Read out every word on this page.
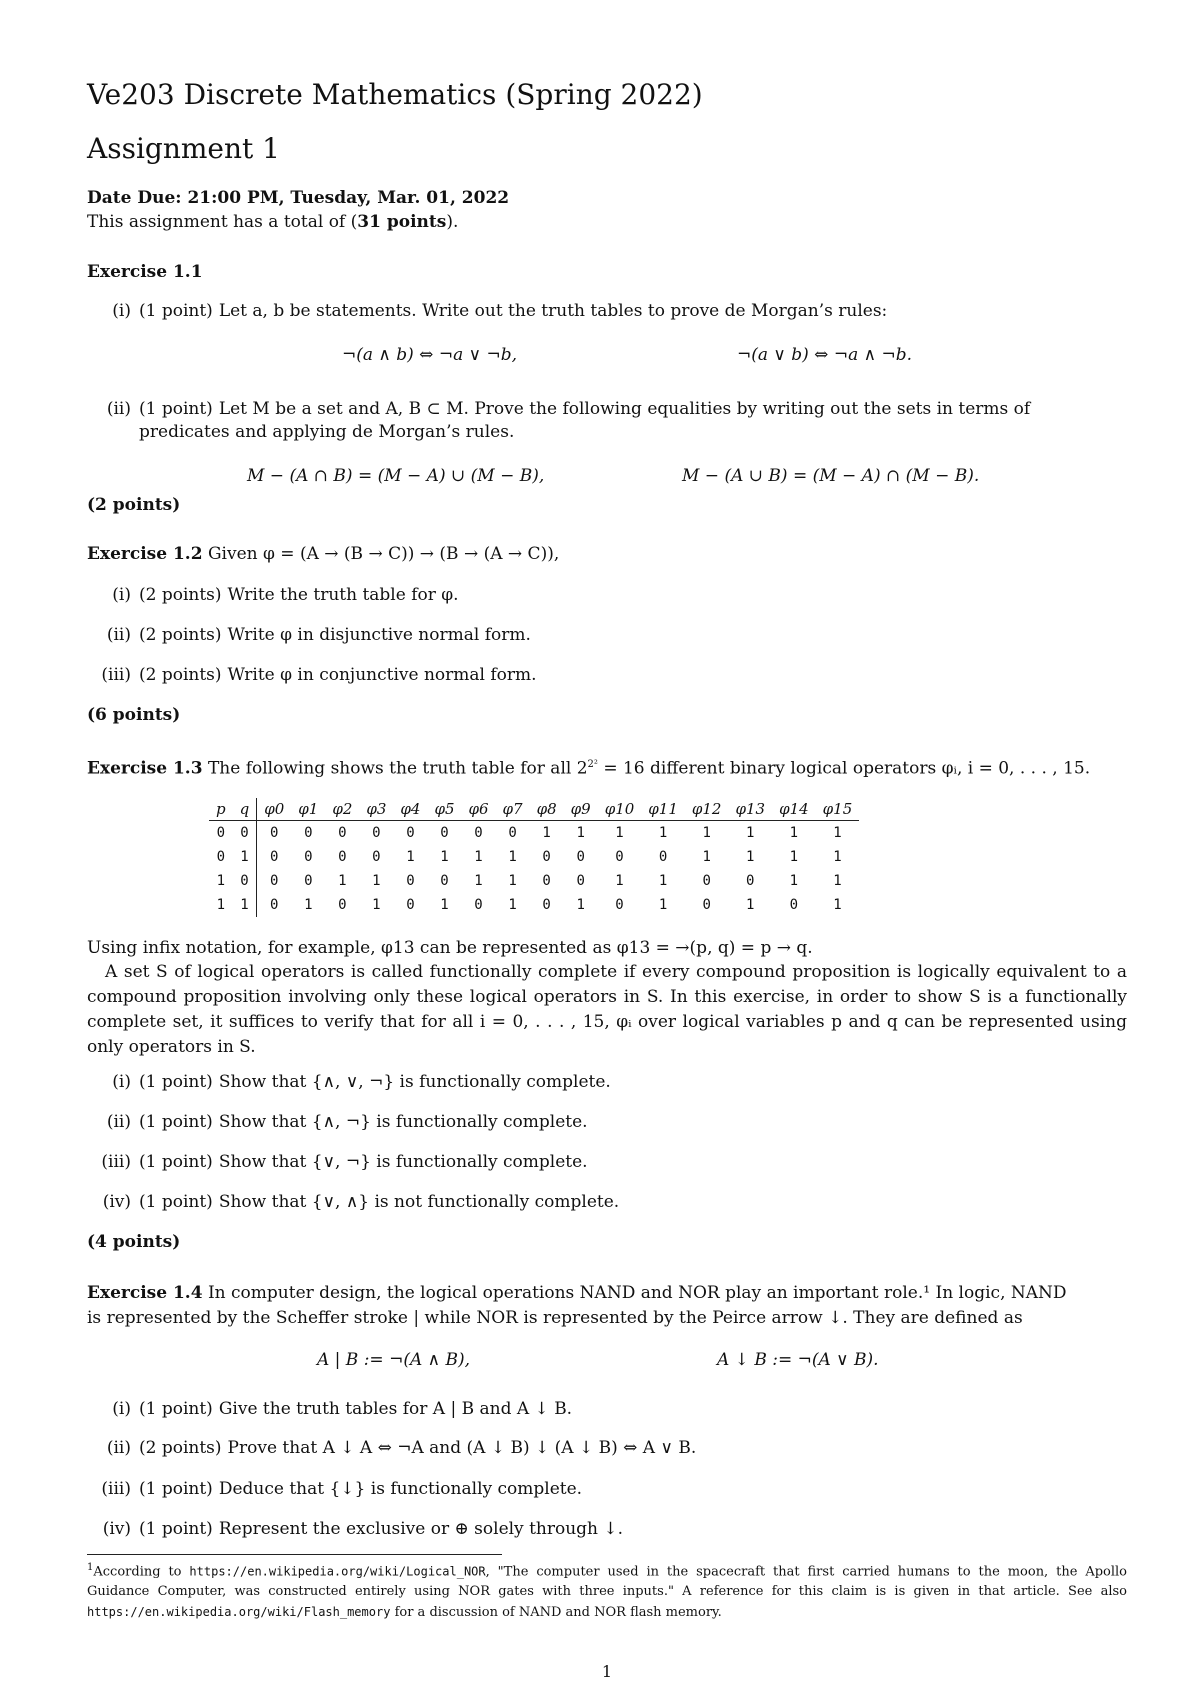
Ve203 Discrete Mathematics (Spring 2022)
Assignment 1
Date Due: 21:00 PM, Tuesday, Mar. 01, 2022
This assignment has a total of (31 points).
Exercise 1.1
(i) (1 point) Let a, b be statements. Write out the truth tables to prove de Morgan’s rules:
¬(a ∧ b) ⇔ ¬a ∨ ¬b,	¬(a ∨ b) ⇔ ¬a ∧ ¬b.
(ii) (1 point) Let M be a set and A, B ⊂ M. Prove the following equalities by writing out the sets in terms of
predicates and applying de Morgan’s rules.
M − (A ∩ B) = (M − A) ∪ (M − B),	M − (A ∪ B) = (M − A) ∩ (M − B).
(2 points)
Exercise 1.2 Given φ = (A → (B → C)) → (B → (A → C)),
(i) (2 points) Write the truth table for φ.
(ii) (2 points) Write φ in disjunctive normal form.
(iii) (2 points) Write φ in conjunctive normal form.
(6 points)
Exercise 1.3 The following shows the truth table for all $2^{2^2} = 16$ different binary logical operators φᵢ, i = 0, . . . , 15.
p	q	φ0	φ1	φ2	φ3	φ4	φ5	φ6	φ7	φ8	φ9	φ10	φ11	φ12	φ13	φ14	φ15
0	0	0	0	0	0	0	0	0	0	1	1	1	1	1	1	1	1
0	1	0	0	0	0	1	1	1	1	0	0	0	0	1	1	1	1
1	0	0	0	1	1	0	0	1	1	0	0	1	1	0	0	1	1
1	1	0	1	0	1	0	1	0	1	0	1	0	1	0	1	0	1
Using infix notation, for example, φ13 can be represented as φ13 = →(p, q) = p → q.
A set S of logical operators is called functionally complete if every compound proposition is logically equivalent to a compound proposition involving only these logical operators in S. In this exercise, in order to show S is a functionally complete set, it suffices to verify that for all i = 0, . . . , 15, φᵢ over logical variables p and q can be represented using only operators in S.
(i) (1 point) Show that {∧, ∨, ¬} is functionally complete.
(ii) (1 point) Show that {∧, ¬} is functionally complete.
(iii) (1 point) Show that {∨, ¬} is functionally complete.
(iv) (1 point) Show that {∨, ∧} is not functionally complete.
(4 points)
Exercise 1.4 In computer design, the logical operations NAND and NOR play an important role.¹ In logic, NAND
is represented by the Scheffer stroke | while NOR is represented by the Peirce arrow ↓. They are defined as
A | B := ¬(A ∧ B),	A ↓ B := ¬(A ∨ B).
(i) (1 point) Give the truth tables for A | B and A ↓ B.
(ii) (2 points) Prove that A ↓ A ⇔ ¬A and (A ↓ B) ↓ (A ↓ B) ⇔ A ∨ B.
(iii) (1 point) Deduce that {↓} is functionally complete.
(iv) (1 point) Represent the exclusive or ⊕ solely through ↓.
$^1$According to https://en.wikipedia.org/wiki/Logical_NOR, "The computer used in the spacecraft that first carried humans to the moon, the Apollo Guidance Computer, was constructed entirely using NOR gates with three inputs." A reference for this claim is is given in that article. See also https://en.wikipedia.org/wiki/Flash_memory for a discussion of NAND and NOR flash memory.
1
